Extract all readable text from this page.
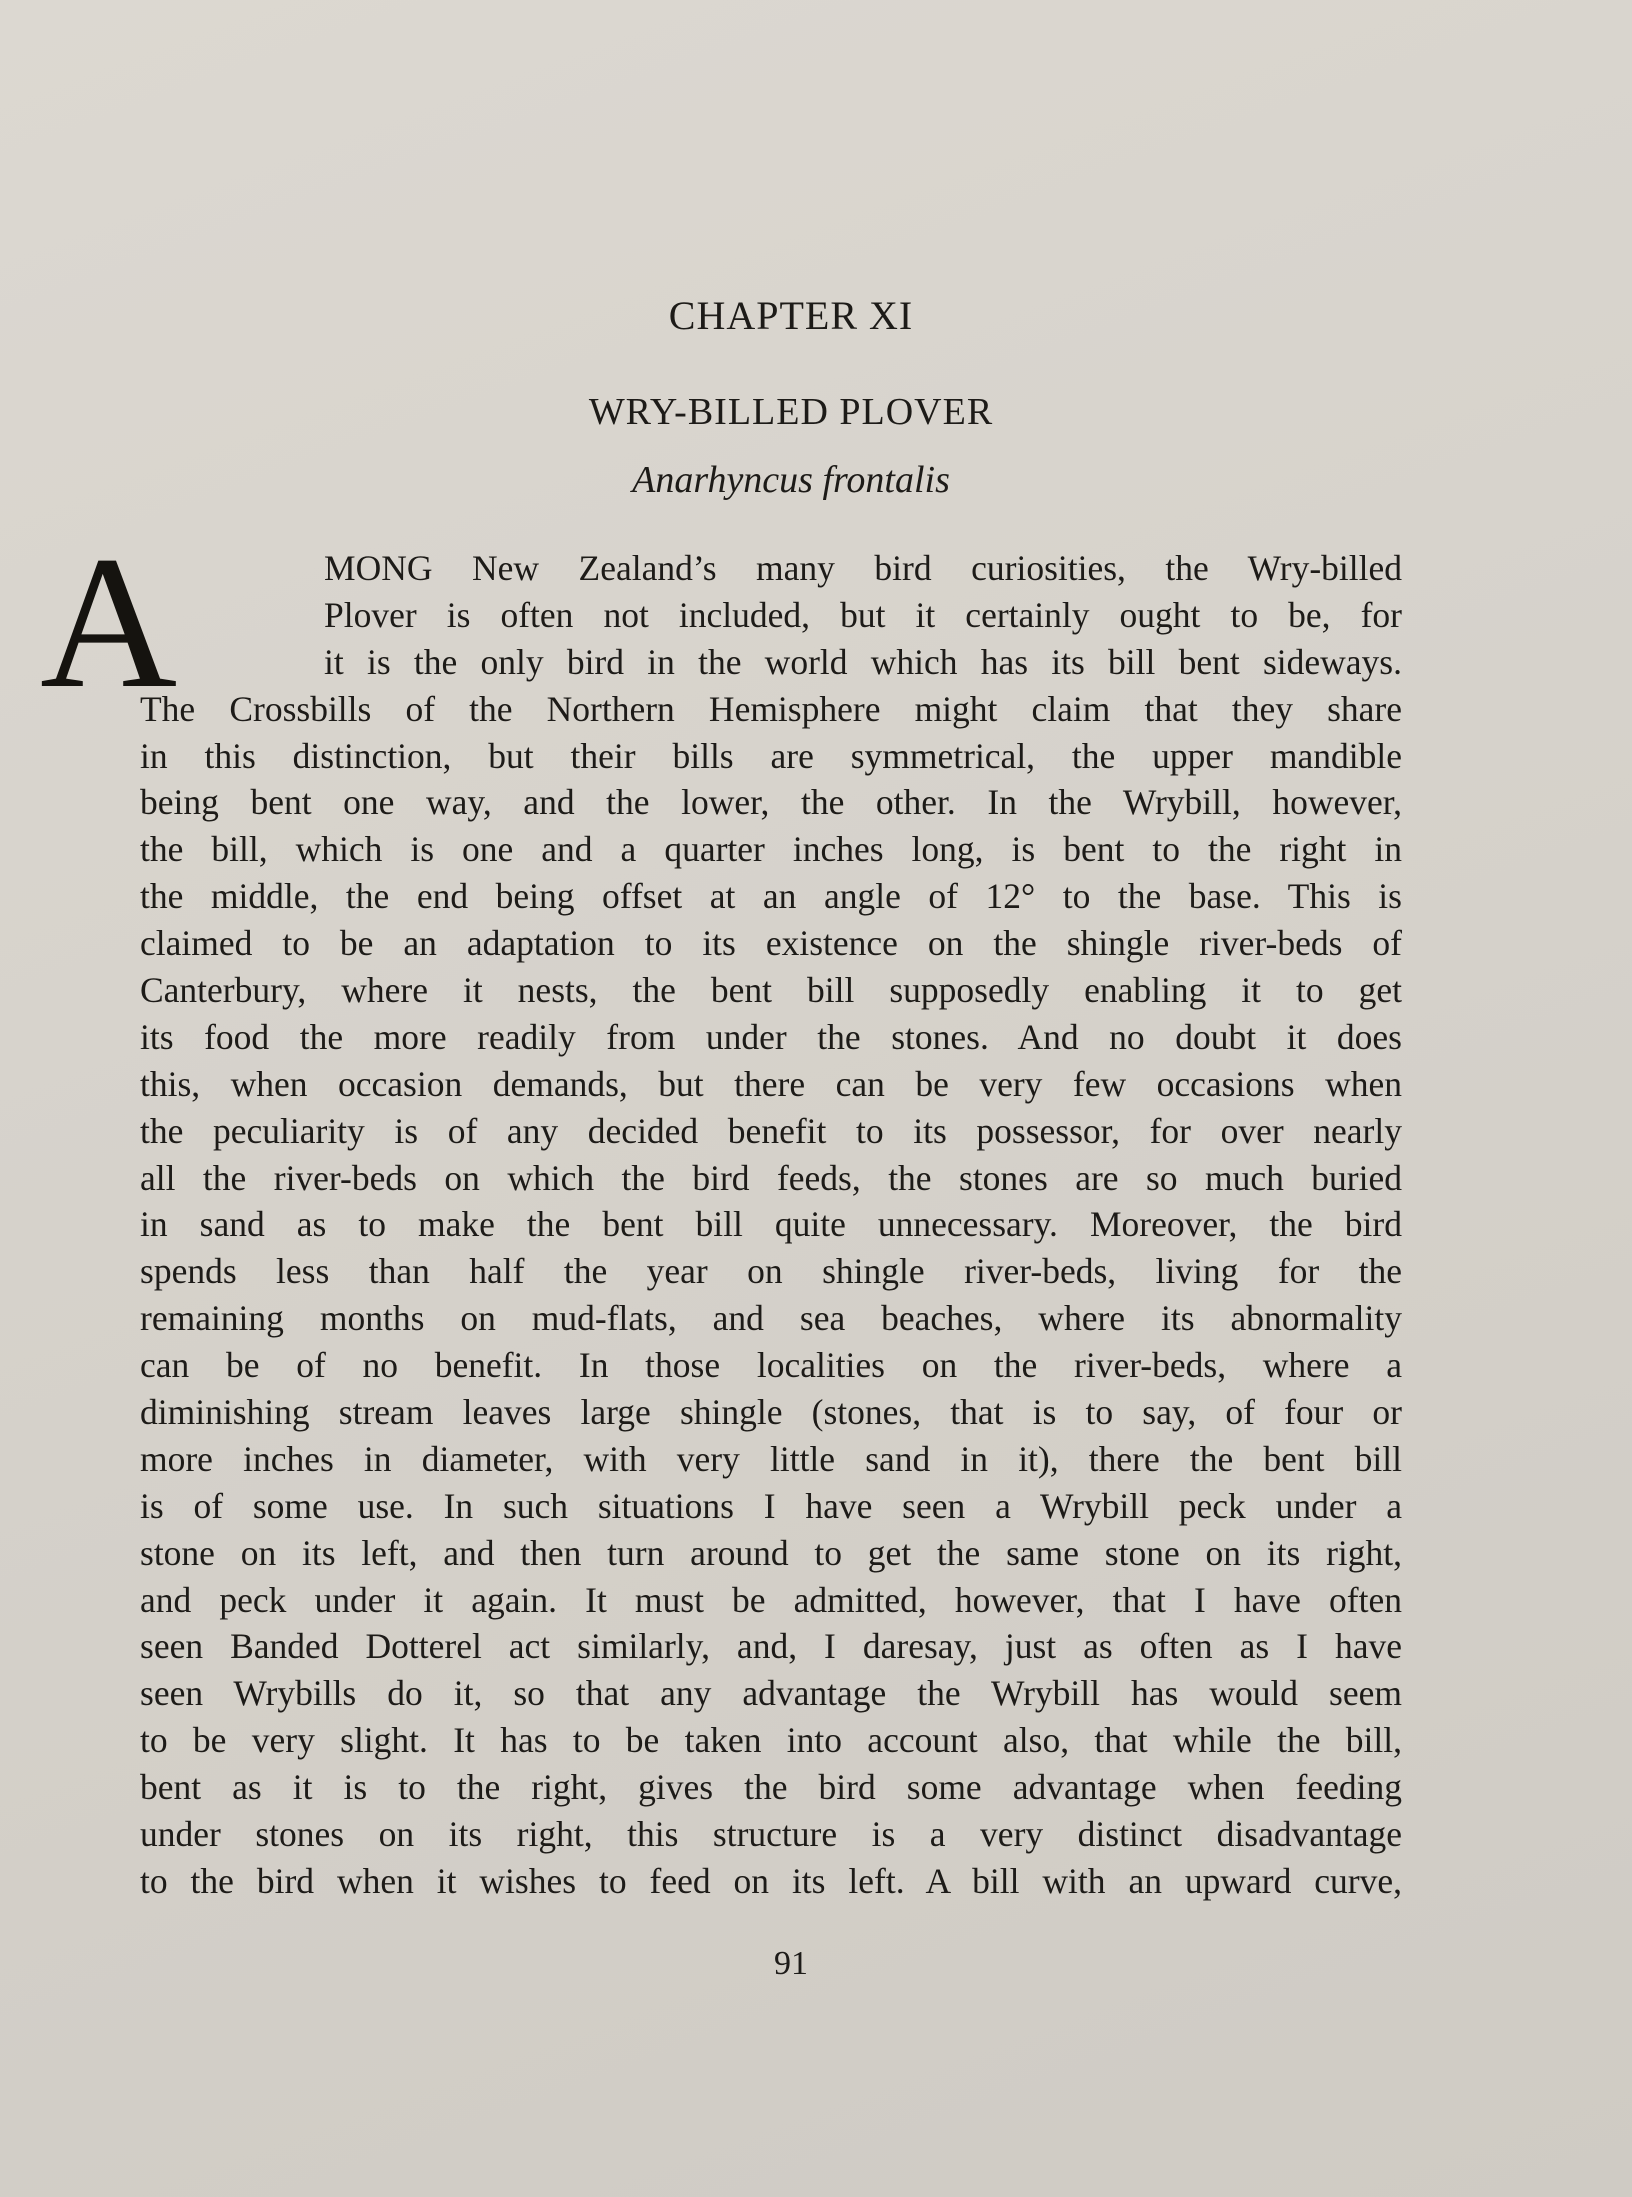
CHAPTER XI
WRY-BILLED PLOVER
Anarhyncus frontalis
A	MONG New Zealand’s many bird curiosities, the Wry-billed
Plover is often not included, but it certainly ought to be, for
it is the only bird in the world which has its bill bent sideways.
The Crossbills of the Northern Hemisphere might claim that they share
in this distinction, but their bills are symmetrical, the upper mandible
being bent one way, and the lower, the other. In the Wrybill, however,
the bill, which is one and a quarter inches long, is bent to the right in
the middle, the end being offset at an angle of 12° to the base. This is
claimed to be an adaptation to its existence on the shingle river-beds of
Canterbury, where it nests, the bent bill supposedly enabling it to get
its food the more readily from under the stones. And no doubt it does
this, when occasion demands, but there can be very few occasions when
the peculiarity is of any decided benefit to its possessor, for over nearly
all the river-beds on which the bird feeds, the stones are so much buried
in sand as to make the bent bill quite unnecessary. Moreover, the bird
spends less than half the year on shingle river-beds, living for the
remaining months on mud-flats, and sea beaches, where its abnormality
can be of no benefit. In those localities on the river-beds, where a
diminishing stream leaves large shingle (stones, that is to say, of four or
more inches in diameter, with very little sand in it), there the bent bill
is of some use. In such situations I have seen a Wrybill peck under a
stone on its left, and then turn around to get the same stone on its right,
and peck under it again. It must be admitted, however, that I have often
seen Banded Dotterel act similarly, and, I daresay, just as often as I have
seen Wrybills do it, so that any advantage the Wrybill has would seem
to be very slight. It has to be taken into account also, that while the bill,
bent as it is to the right, gives the bird some advantage when feeding
under stones on its right, this structure is a very distinct disadvantage
to the bird when it wishes to feed on its left. A bill with an upward curve,
91
